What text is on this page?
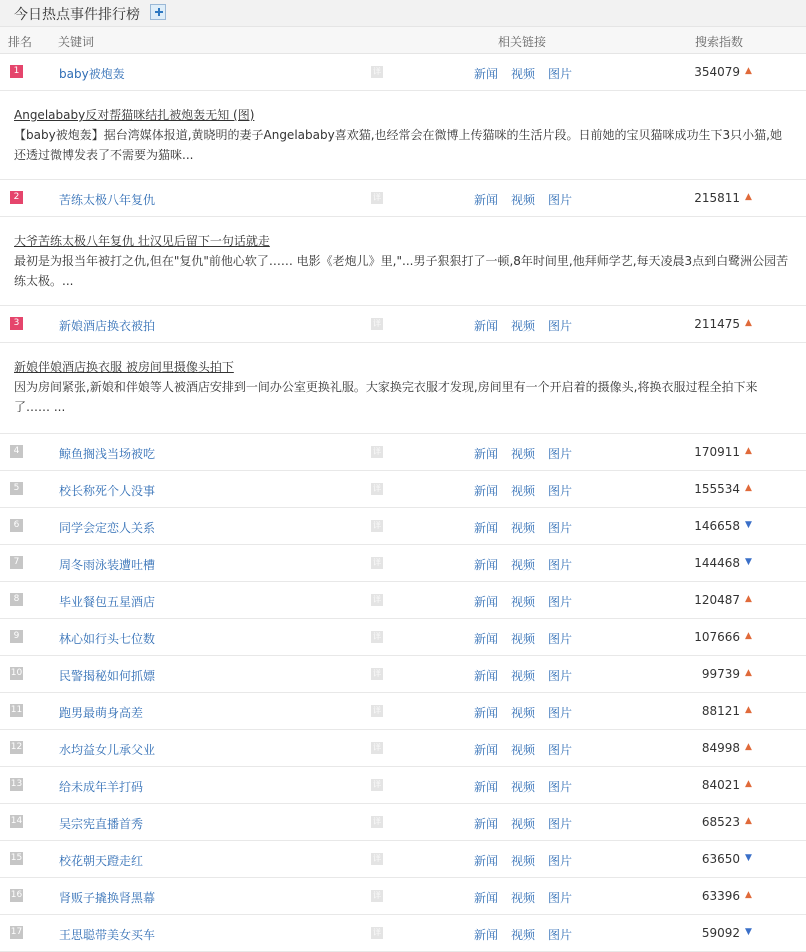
今日热点事件排行榜
排名 关键词	相关链接	搜索指数
1	baby被炮轰	详	新闻 视频 图片	354079 ▲
Angelababy反对帮猫咪结扎被炮轰无知 (图)
【baby被炮轰】据台湾媒体报道,黄晓明的妻子Angelababy喜欢猫,也经常会在微博上传猫咪的生活片段。日前她的宝贝猫咪成功生下3只小猫,她还透过微博发表了不需要为猫咪...
2	苦练太极八年复仇	详	新闻 视频 图片	215811 ▲
大爷苦练太极八年复仇 壮汉见后留下一句话就走
最初是为报当年被打之仇,但在"复仇"前他心软了…… 电影《老炮儿》里,"...男子狠狠打了一顿,8年时间里,他拜师学艺,每天凌晨3点到白鹭洲公园苦练太极。...
3	新娘酒店换衣被拍	详	新闻 视频 图片	211475 ▲
新娘伴娘酒店换衣服 被房间里摄像头拍下
因为房间紧张,新娘和伴娘等人被酒店安排到一间办公室更换礼服。大家换完衣服才发现,房间里有一个开启着的摄像头,将换衣服过程全拍下来了…… ...
4	鲸鱼搁浅当场被吃	详	新闻 视频 图片	170911 ▲
5	校长称死个人没事	详	新闻 视频 图片	155534 ▲
6	同学会定恋人关系	详	新闻 视频 图片	146658 ▼
7	周冬雨泳装遭吐槽	详	新闻 视频 图片	144468 ▼
8	毕业餐包五星酒店	详	新闻 视频 图片	120487 ▲
9	林心如行头七位数	详	新闻 视频 图片	107666 ▲
10	民警揭秘如何抓嫖	详	新闻 视频 图片	99739 ▲
11	跑男最萌身高差	详	新闻 视频 图片	88121 ▲
12	水均益女儿承父业	详	新闻 视频 图片	84998 ▲
13	给未成年羊打码	详	新闻 视频 图片	84021 ▲
14	吴宗宪直播首秀	详	新闻 视频 图片	68523 ▲
15	校花朝天蹬走红	详	新闻 视频 图片	63650 ▼
16	肾贩子撬换肾黑幕	详	新闻 视频 图片	63396 ▲
17	王思聪带美女买车	详	新闻 视频 图片	59092 ▼
